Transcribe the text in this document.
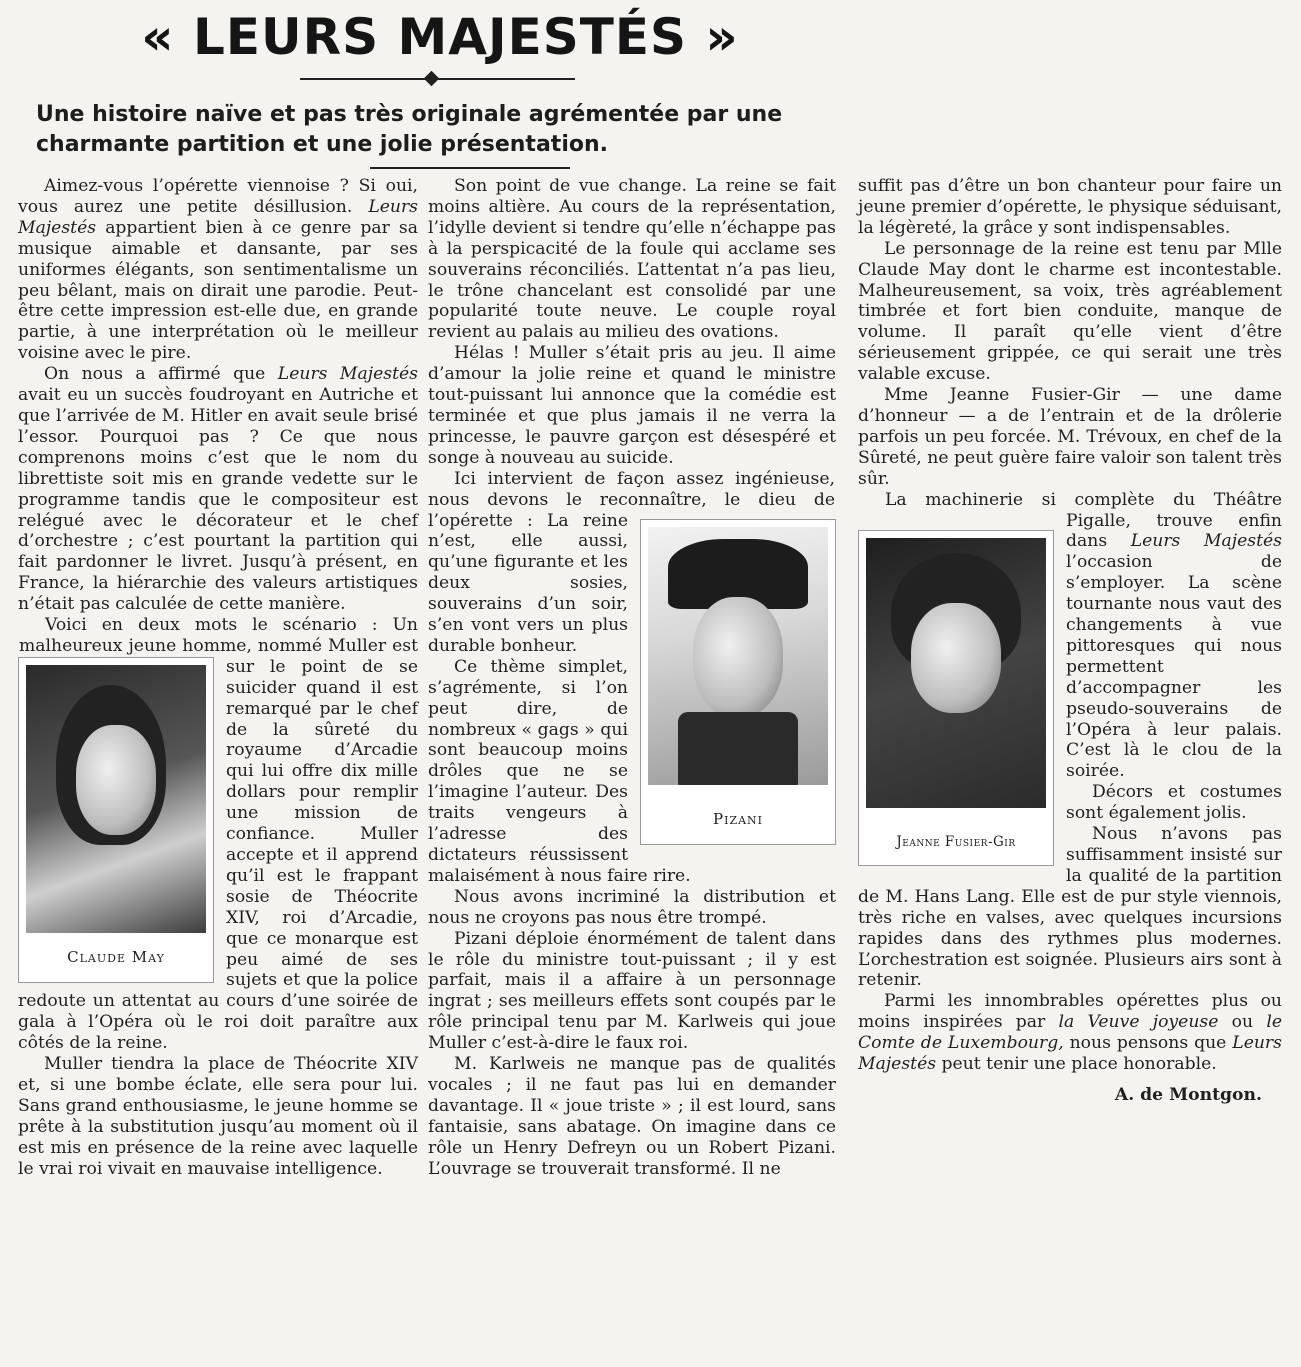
« LEURS MAJESTÉS »
Une histoire naïve et pas très originale agrémentée par une charmante partition et une jolie présentation.

Aimez-vous l’opérette viennoise ? Si oui, vous aurez une petite désillusion. Leurs Majestés appartient bien à ce genre par sa musique aimable et dansante, par ses uniformes élégants, son sentimentalisme un peu bêlant, mais on dirait une parodie. Peut-être cette impression est-elle due, en grande partie, à une interprétation où le meilleur voisine avec le pire.

On nous a affirmé que Leurs Majestés avait eu un succès foudroyant en Autriche et que l’arrivée de M. Hitler en avait seule brisé l’essor. Pourquoi pas ? Ce que nous comprenons moins c’est que le nom du librettiste soit mis en grande vedette sur le programme tandis que le compositeur est relégué avec le décorateur et le chef d’orchestre ; c’est pourtant la partition qui fait pardonner le livret. Jusqu’à présent, en France, la hiérarchie des valeurs artistiques n’était pas calculée de cette manière.

Claude May

Voici en deux mots le scénario : Un malheureux jeune homme, nommé Muller est sur le point de se suicider quand il est remarqué par le chef de la sûreté du royaume d’Arcadie qui lui offre dix mille dollars pour remplir une mission de confiance. Muller accepte et il apprend qu’il est le frappant sosie de Théocrite XIV, roi d’Arcadie, que ce monarque est peu aimé de ses sujets et que la police redoute un attentat au cours d’une soirée de gala à l’Opéra où le roi doit paraître aux côtés de la reine.

Muller tiendra la place de Théocrite XIV et, si une bombe éclate, elle sera pour lui. Sans grand enthousiasme, le jeune homme se prête à la substitution jusqu’au moment où il est mis en présence de la reine avec laquelle le vrai roi vivait en mauvaise intelligence.

Son point de vue change. La reine se fait moins altière. Au cours de la représentation, l’idylle devient si tendre qu’elle n’échappe pas à la perspicacité de la foule qui acclame ses souverains réconciliés. L’attentat n’a pas lieu, le trône chancelant est consolidé par une popularité toute neuve. Le couple royal revient au palais au milieu des ovations.

Hélas ! Muller s’était pris au jeu. Il aime d’amour la jolie reine et quand le ministre tout-puissant lui annonce que la comédie est terminée et que plus jamais il ne verra la princesse, le pauvre garçon est désespéré et songe à nouveau au suicide.

Pizani

Ici intervient de façon assez ingénieuse, nous devons le reconnaître, le dieu de l’opérette : La reine n’est, elle aussi, qu’une figurante et les deux sosies, souverains d’un soir, s’en vont vers un plus durable bonheur.

Ce thème simplet, s’agrémente, si l’on peut dire, de nombreux « gags » qui sont beaucoup moins drôles que ne se l’imagine l’auteur. Des traits vengeurs à l’adresse des dictateurs réussissent malaisément à nous faire rire.

Nous avons incriminé la distribution et nous ne croyons pas nous être trompé.

Pizani déploie énormément de talent dans le rôle du ministre tout-puissant ; il y est parfait, mais il a affaire à un personnage ingrat ; ses meilleurs effets sont coupés par le rôle principal tenu par M. Karlweis qui joue Muller c’est-à-dire le faux roi.

M. Karlweis ne manque pas de qualités vocales ; il ne faut pas lui en demander davantage. Il « joue triste » ; il est lourd, sans fantaisie, sans abatage. On imagine dans ce rôle un Henry Defreyn ou un Robert Pizani. L’ouvrage se trouverait transformé. Il ne

suffit pas d’être un bon chanteur pour faire un jeune premier d’opérette, le physique séduisant, la légèreté, la grâce y sont indispensables.

Le personnage de la reine est tenu par Mlle Claude May dont le charme est incontestable. Malheureusement, sa voix, très agréablement timbrée et fort bien conduite, manque de volume. Il paraît qu’elle vient d’être sérieusement grippée, ce qui serait une très valable excuse.

Mme Jeanne Fusier-Gir — une dame d’honneur — a de l’entrain et de la drôlerie parfois un peu forcée. M. Trévoux, en chef de la Sûreté, ne peut guère faire valoir son talent très sûr.

Jeanne Fusier-Gir

La machinerie si complète du Théâtre Pigalle, trouve enfin dans Leurs Majestés l’occasion de s’employer. La scène tournante nous vaut des changements à vue pittoresques qui nous permettent d’accompagner les pseudo-souverains de l’Opéra à leur palais. C’est là le clou de la soirée.

Décors et costumes sont également jolis.

Nous n’avons pas suffisamment insisté sur la qualité de la partition de M. Hans Lang. Elle est de pur style viennois, très riche en valses, avec quelques incursions rapides dans des rythmes plus modernes. L’orchestration est soignée. Plusieurs airs sont à retenir.

Parmi les innombrables opérettes plus ou moins inspirées par la Veuve joyeuse ou le Comte de Luxembourg, nous pensons que Leurs Majestés peut tenir une place honorable.

A. de Montgon.
